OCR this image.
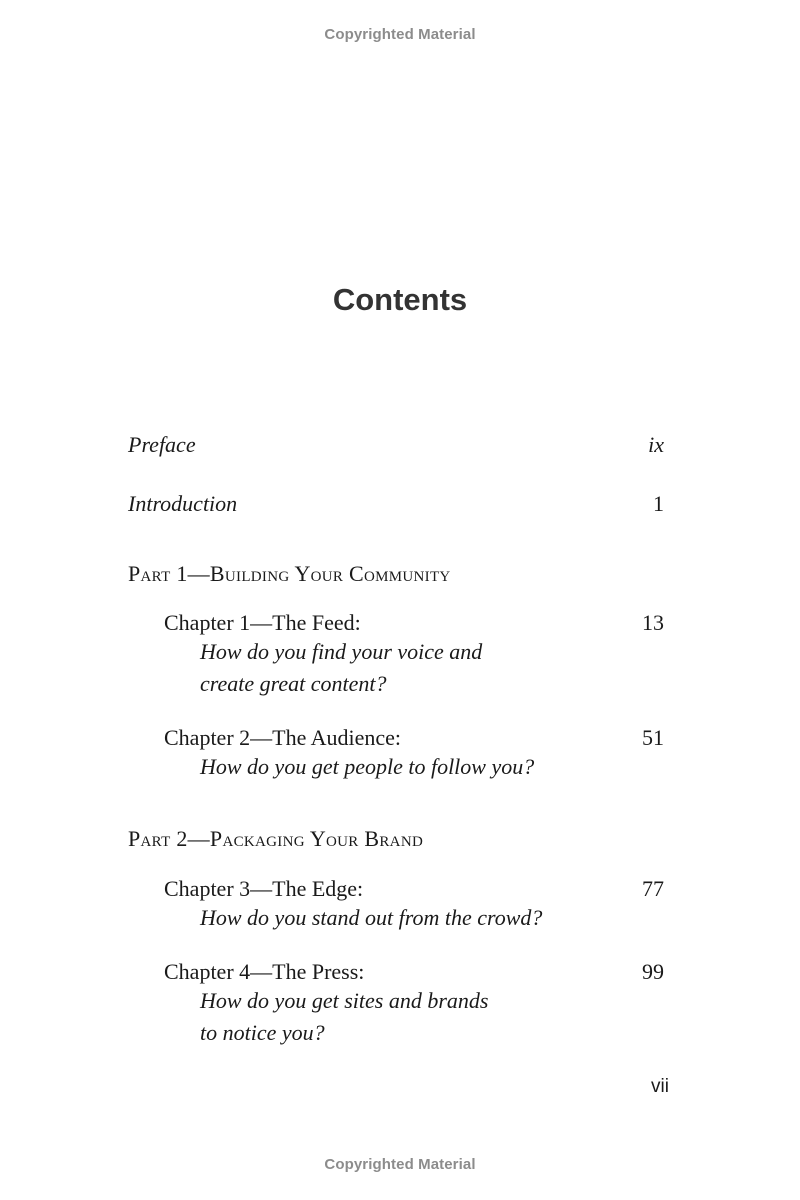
Copyrighted Material
Contents
Preface	ix
Introduction	1
Part 1—Building Your Community
Chapter 1—The Feed:	13
How do you find your voice and
create great content?
Chapter 2—The Audience:	51
How do you get people to follow you?
Part 2—Packaging Your Brand
Chapter 3—The Edge:	77
How do you stand out from the crowd?
Chapter 4—The Press:	99
How do you get sites and brands
to notice you?
vii
Copyrighted Material
